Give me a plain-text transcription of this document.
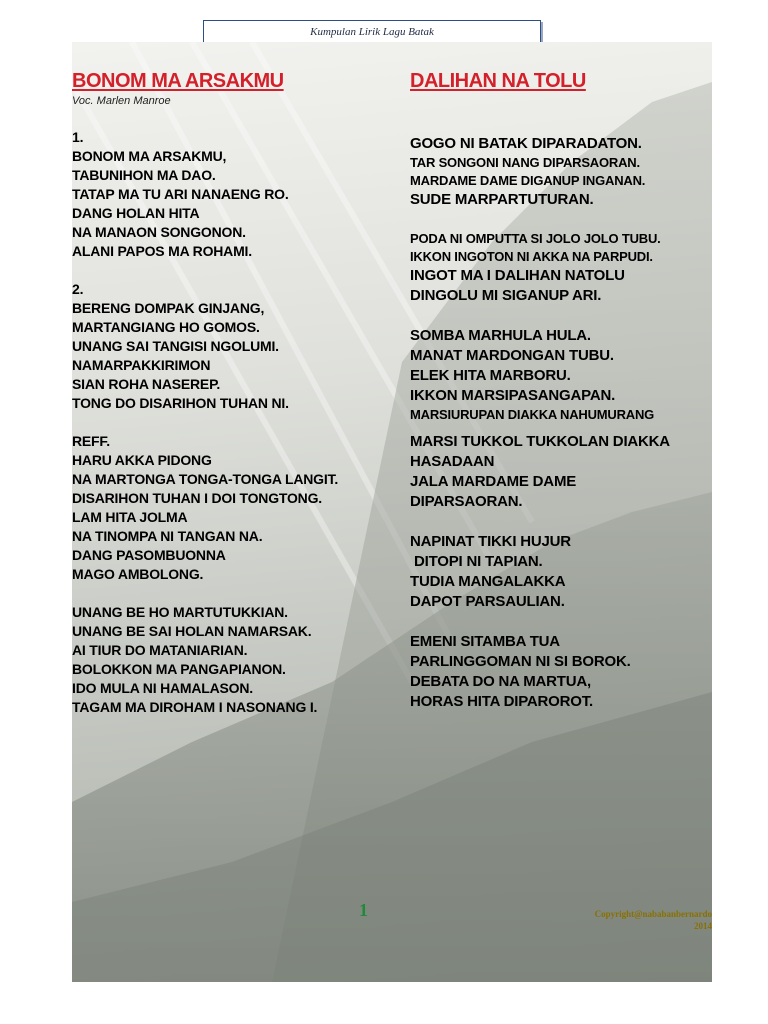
Kumpulan Lirik Lagu Batak
BONOM MA ARSAKMU
Voc. Marlen Manroe
1.
BONOM MA ARSAKMU,
TABUNIHON MA DAO.
TATAP MA TU ARI NANAENG RO.
DANG HOLAN HITA
NA MANAON SONGONON.
ALANI PAPOS MA ROHAMI.
2.
BERENG DOMPAK GINJANG,
MARTANGIANG HO GOMOS.
UNANG SAI TANGISI NGOLUMI.
NAMARPAKKIRIMON
SIAN ROHA NASEREP.
TONG DO DISARIHON TUHAN NI.
REFF.
HARU AKKA PIDONG
NA MARTONGA TONGA-TONGA LANGIT.
DISARIHON TUHAN I DOI TONGTONG.
LAM HITA JOLMA
NA TINOMPA NI TANGAN NA.
DANG PASOMBUONNA
MAGO AMBOLONG.
UNANG BE HO MARTUTUKKIAN.
UNANG BE SAI HOLAN NAMARSAK.
AI TIUR DO MATANIARIAN.
BOLOKKON MA PANGAPIANON.
IDO MULA NI HAMALASON.
TAGAM MA DIROHAM I NASONANG I.
DALIHAN NA TOLU
GOGO NI BATAK DIPARADATON.
TAR SONGONI NANG DIPARSAORAN.
MARDAME DAME DIGANUP INGANAN.
SUDE MARPARTUTURAN.
PODA NI OMPUTTA SI JOLO JOLO TUBU.
IKKON INGOTON NI AKKA NA PARPUDI.
INGOT MA I DALIHAN NATOLU
DINGOLU MI SIGANUP ARI.
SOMBA MARHULA HULA.
MANAT MARDONGAN TUBU.
ELEK HITA MARBORU.
IKKON MARSIPASANGAPAN.
MARSIURUPAN DIAKKA NAHUMURANG
MARSI TUKKOL TUKKOLAN DIAKKA
HASADAAN
JALA MARDAME DAME
DIPARSAORAN.
NAPINAT TIKKI HUJUR
DITOPI NI TAPIAN.
TUDIA MANGALAKKA
DAPOT PARSAULIAN.
EMENI SITAMBA TUA
PARLINGGOMAN NI SI BOROK.
DEBATA DO NA MARTUA,
HORAS HITA DIPAROROT.
1	Copyright@nababanbernardo
2014
